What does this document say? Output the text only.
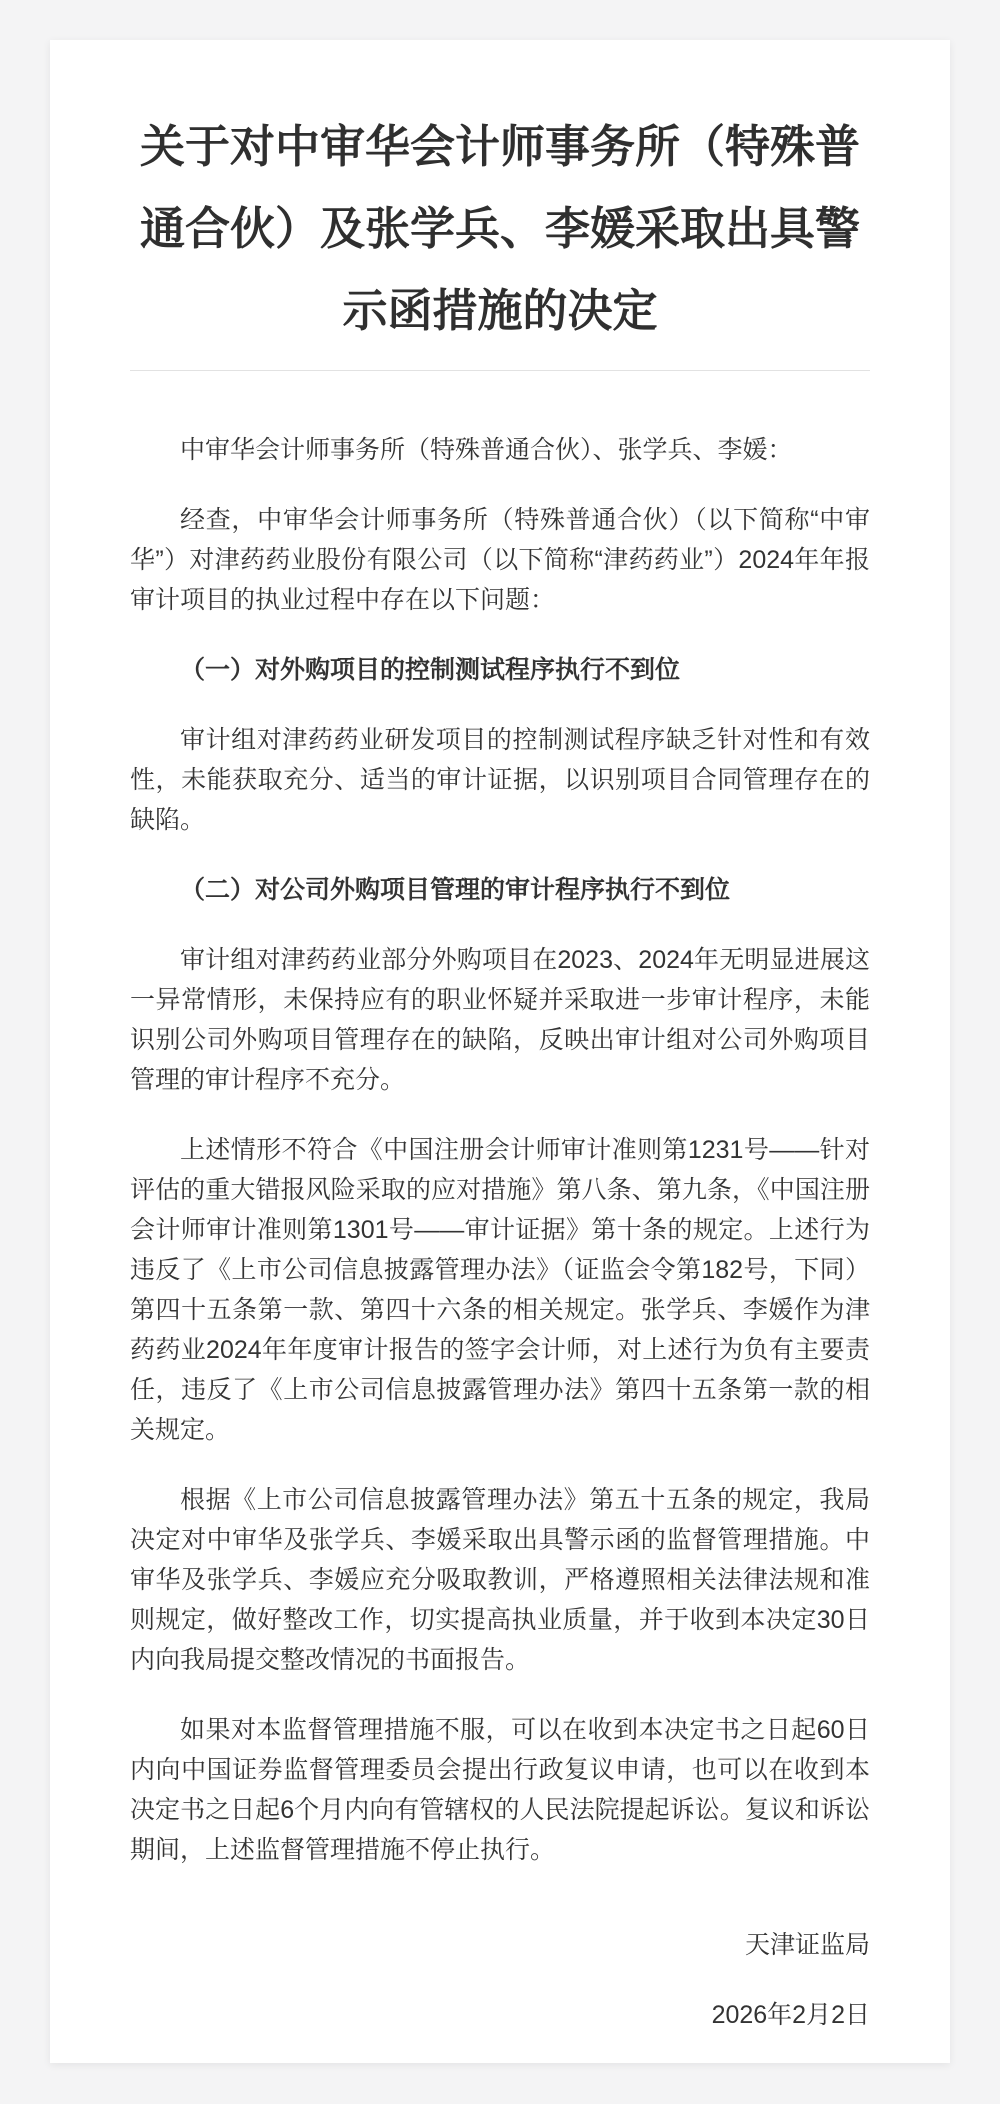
关于对中审华会计师事务所（特殊普通合伙）及张学兵、李媛采取出具警示函措施的决定

中审华会计师事务所（特殊普通合伙）、张学兵、李媛：

经查，中审华会计师事务所（特殊普通合伙）（以下简称“中审华”）对津药药业股份有限公司（以下简称“津药药业”）2024年年报审计项目的执业过程中存在以下问题：

（一）对外购项目的控制测试程序执行不到位

审计组对津药药业研发项目的控制测试程序缺乏针对性和有效性，未能获取充分、适当的审计证据，以识别项目合同管理存在的缺陷。

（二）对公司外购项目管理的审计程序执行不到位

审计组对津药药业部分外购项目在2023、2024年无明显进展这一异常情形，未保持应有的职业怀疑并采取进一步审计程序，未能识别公司外购项目管理存在的缺陷，反映出审计组对公司外购项目管理的审计程序不充分。

上述情形不符合《中国注册会计师审计准则第1231号——针对评估的重大错报风险采取的应对措施》第八条、第九条，《中国注册会计师审计准则第1301号——审计证据》第十条的规定。上述行为违反了《上市公司信息披露管理办法》（证监会令第182号，下同）第四十五条第一款、第四十六条的相关规定。张学兵、李媛作为津药药业2024年年度审计报告的签字会计师，对上述行为负有主要责任，违反了《上市公司信息披露管理办法》第四十五条第一款的相关规定。

根据《上市公司信息披露管理办法》第五十五条的规定，我局决定对中审华及张学兵、李媛采取出具警示函的监督管理措施。中审华及张学兵、李媛应充分吸取教训，严格遵照相关法律法规和准则规定，做好整改工作，切实提高执业质量，并于收到本决定30日内向我局提交整改情况的书面报告。

如果对本监督管理措施不服，可以在收到本决定书之日起60日内向中国证券监督管理委员会提出行政复议申请，也可以在收到本决定书之日起6个月内向有管辖权的人民法院提起诉讼。复议和诉讼期间，上述监督管理措施不停止执行。

天津证监局

2026年2月2日
